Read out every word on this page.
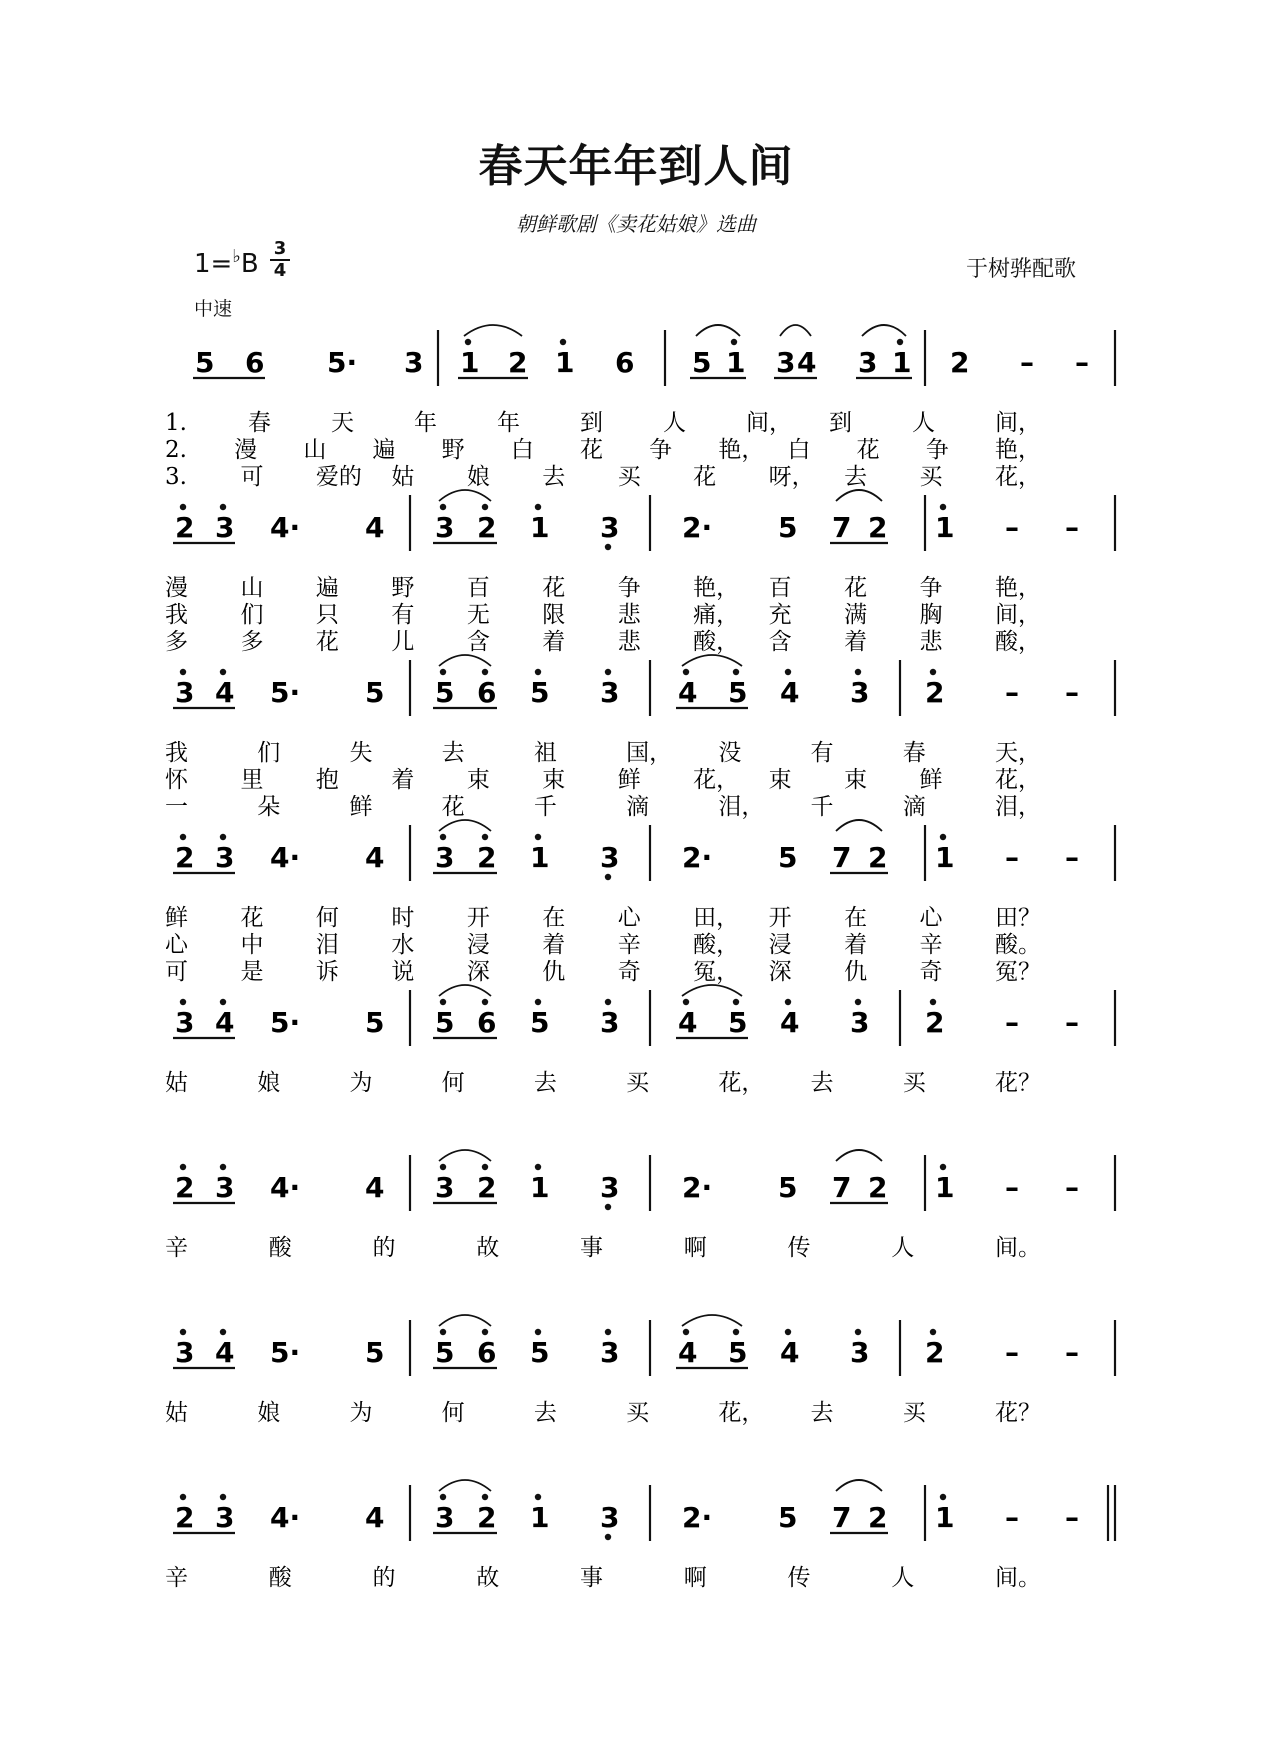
春天年年到人间
朝鲜歌剧《卖花姑娘》选曲
1=♭B
3
4
中速
于树骅配歌
5 6 5· 3 1 2 1 6 5 1 3 4 3 1 2 – –
1.	春	天	年	年	到	人	间， 到	人	间，
2. 漫 山 遍 野 白 花 争 艳， 白 花 争 艳，
3. 可 爱的 姑 娘 去 买 花 呀， 去 买 花，
2 3 4· 4 3 2 1 3 2· 5 7 2 1 – –
漫 山 遍 野 百 花 争 艳， 百 花 争 艳，
我 们 只 有 无 限 悲 痛， 充 满 胸 间，
多 多 花 儿 含 着 悲 酸， 含 着 悲 酸，
3 4 5· 5 5 6 5 3 4 5 4 3 2 – –
我	们	失	去	祖	国， 没	有	春	天，
怀 里 抱 着 束 束 鲜 花， 束 束 鲜 花，
一	朵	鲜	花	千	滴	泪， 千	滴	泪，
2 3 4· 4 3 2 1 3 2· 5 7 2 1 – –
鲜 花 何 时 开 在 心 田， 开 在 心 田？
心 中 泪 水 浸 着 辛 酸， 浸 着 辛 酸。
可 是 诉 说 深 仇 奇 冤， 深 仇 奇 冤？
3 4 5· 5 5 6 5 3 4 5 4 3 2 – –
姑	娘	为	何	去	买	花， 去	买	花？
2 3 4· 4 3 2 1 3 2· 5 7 2 1 – –
辛	酸	的	故	事	啊	传	人	间。
3 4 5· 5 5 6 5 3 4 5 4 3 2 – –
姑	娘	为	何	去	买	花， 去	买	花？
2 3 4· 4 3 2 1 3 2· 5 7 2 1 – –
辛	酸	的	故	事	啊	传	人	间。
